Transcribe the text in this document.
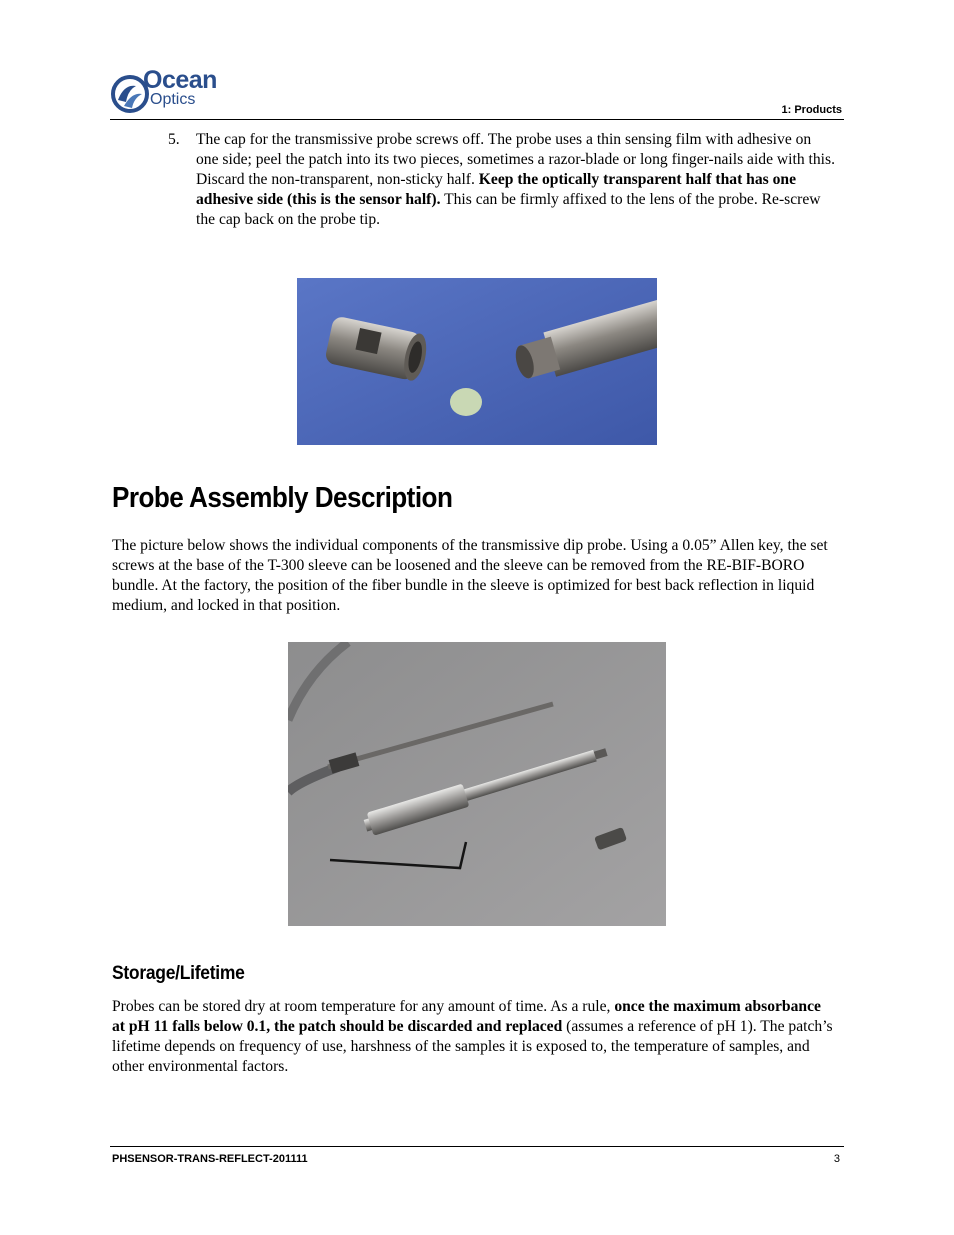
Ocean
Optics
1: Products
5. The cap for the transmissive probe screws off. The probe uses a thin sensing film with adhesive on one side; peel the patch into its two pieces, sometimes a razor-blade or long finger-nails aide with this. Discard the non-transparent, non-sticky half. Keep the optically transparent half that has one adhesive side (this is the sensor half). This can be firmly affixed to the lens of the probe. Re-screw the cap back on the probe tip.
Probe Assembly Description
The picture below shows the individual components of the transmissive dip probe. Using a 0.05” Allen key, the set screws at the base of the T-300 sleeve can be loosened and the sleeve can be removed from the RE-BIF-BORO bundle. At the factory, the position of the fiber bundle in the sleeve is optimized for best back reflection in liquid medium, and locked in that position.
Storage/Lifetime
Probes can be stored dry at room temperature for any amount of time. As a rule, once the maximum absorbance at pH 11 falls below 0.1, the patch should be discarded and replaced (assumes a reference of pH 1). The patch’s lifetime depends on frequency of use, harshness of the samples it is exposed to, the temperature of samples, and other environmental factors.
PHSENSOR-TRANS-REFLECT-201111	3
